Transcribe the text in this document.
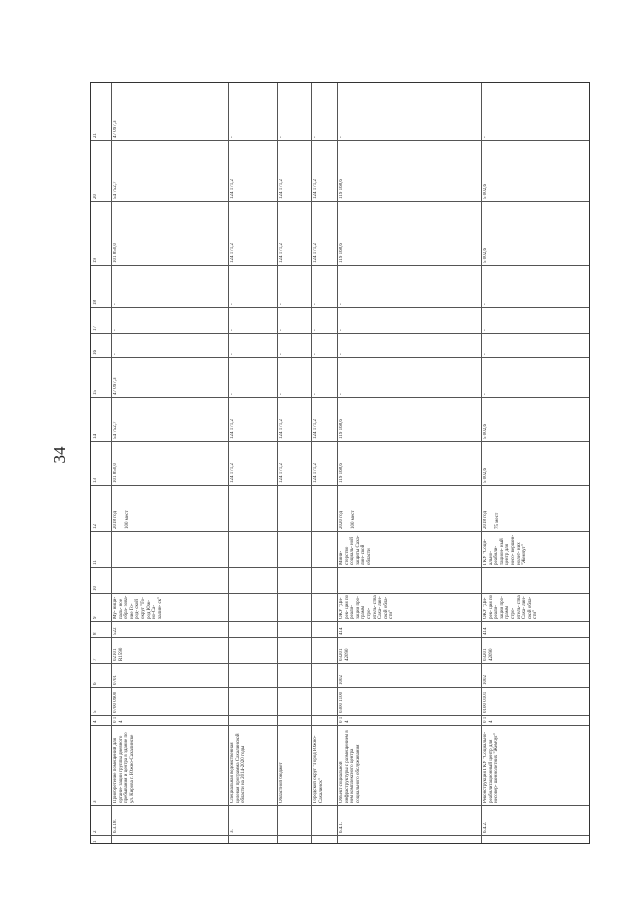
34
1
2
3
4
5
6
7
8
9
10
11
12
13
14
15
16
17
18
19
20
21
6.3.18.
Приобретение помещений для органи- зации группы дневного пребывания и центра в здание по ул. Кирова г. Южно-Сахалинске
0 1 4
0700 0900
0701
02101 R1590
522
Му- ници- паль- ное обра- зова- ние Го- род- ской округ "Го- род Юж- но-Са- халин- ск"
2018 год
101 850,0
54 752,7
47 097,3
-
-
-
101 850,0
54 752,7
47 097,3
100 мест
3.
Специальная ведомственная целевая программа Сахалинской области на 2014-2020 годы
124 171,2
124 171,2
-
-
-
-
124 171,2
124 171,2
-
Областной бюджет
124 171,2
124 171,2
-
-
-
-
124 171,2
124 171,2
-
Городской округ "Город Южно-Сахалинск"
124 171,2
124 171,2
-
-
-
-
124 171,2
124 171,2
-
6.4.1.
Объект социальной инфраструктуры с размещением в нем комплексного центра социального обслуживания
0 1 4
0300 1100
1002
03201 42090
414
ОКУ "Ди- рек- ция по реали- зации про- грамм стро- итель- ства Саха- лин- ской обла- сти"
Мини- стерство социаль- ной защиты Саха- лин- ской области
2020 год
119 168,6
119 168,6
-
-
-
-
119 168,6
119 168,6
-
100 мест
6.4.2.
Реконструкция ГКУ "Социально- реабилитационный центр для несовер- шеннолетних "Жемчуг"
0 1 4
0100 0101
1002
03201 42090
414
ОКУ "Ди- рек- ция по реали- зации про- грамм стро- итель- ства Саха- лин- ской обла- сти"
ГКУ "Соци- ально- реабили- тацион- ный центр для несо- вершен- нолет- них "Жемчуг"
2018 год
5 002,6
5 002,6
-
-
-
-
5 002,6
5 002,6
-
75 мест
